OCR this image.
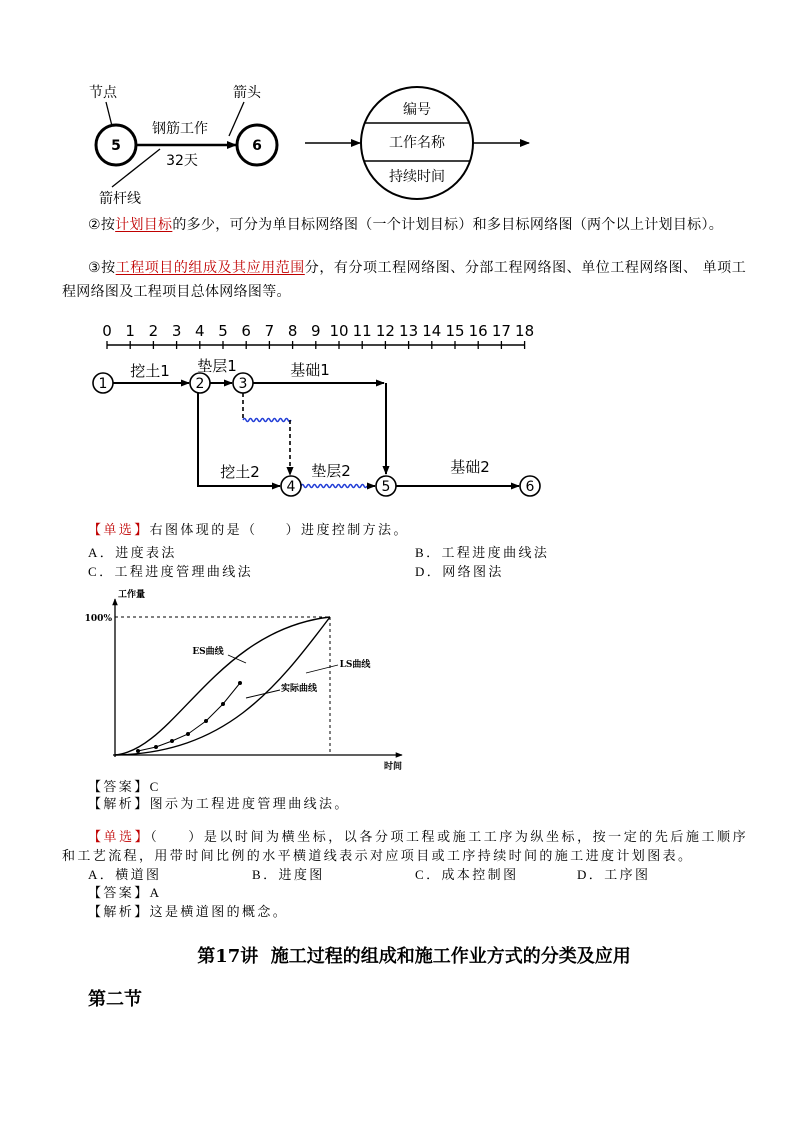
节点	箭头
5	6
钢筋工作
32天
箭杆线
编号
工作名称
持续时间
②按计划目标的多少，可分为单目标网络图（一个计划目标）和多目标网络图（两个以上计划目标）。
③按工程项目的组成及其应用范围分，有分项工程网络图、分部工程网络图、单位工程网络图、 单项工程网络图及工程项目总体网络图等。
0 1 2 3 4 5 6 7 8 9 10 11 12 13 14 15 16 17 18
1	2 3
4	5	6
挖土1 垫层1	基础1
挖土2	垫层2	基础2
【单选】右图体现的是（     ）进度控制方法。
A．进度表法	B．工程进度曲线法
C．工程进度管理曲线法	D．网络图法
工作量
100%
时间
ES曲线
LS曲线
实际曲线
【答案】C
【解析】图示为工程进度管理曲线法。
【单选】（     ）是以时间为横坐标，以各分项工程或施工工序为纵坐标，按一定的先后施工顺序和工艺流程，用带时间比例的水平横道线表示对应项目或工序持续时间的施工进度计划图表。
A．横道图	B．进度图	C．成本控制图	D．工序图
【答案】A
【解析】这是横道图的概念。
第17讲  施工过程的组成和施工作业方式的分类及应用
第二节
